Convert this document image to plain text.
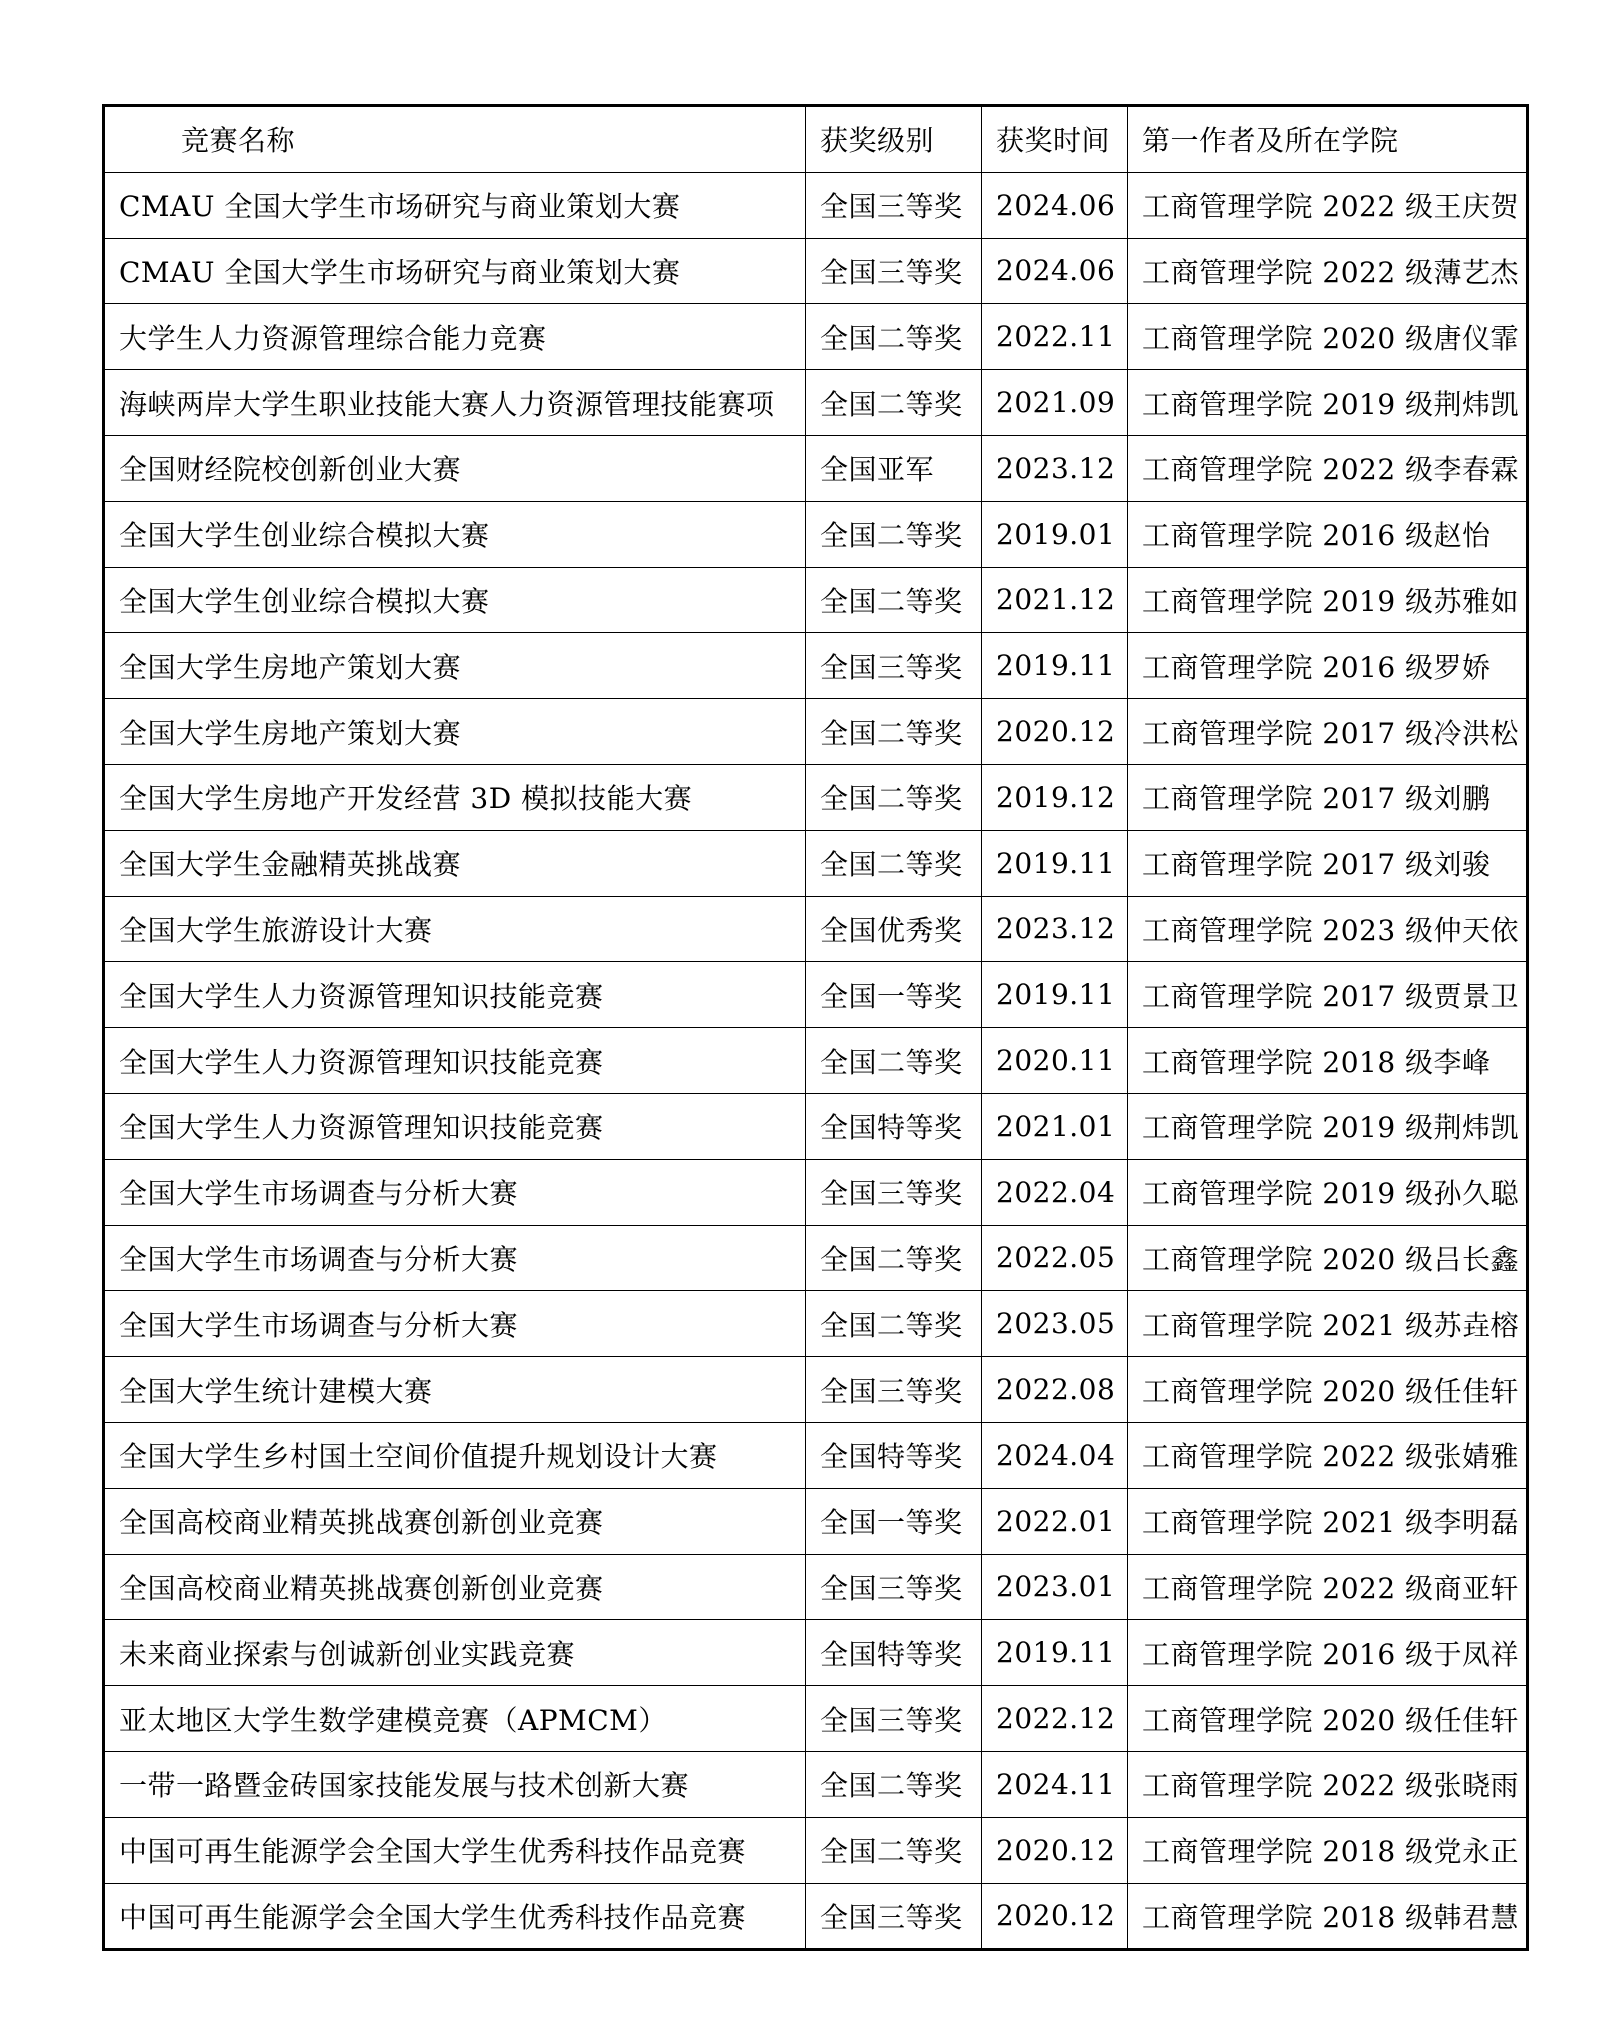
竞赛名称	获奖级别	获奖时间	第一作者及所在学院
CMAU 全国大学生市场研究与商业策划大赛	全国三等奖	2024.06	工商管理学院 2022 级王庆贺
CMAU 全国大学生市场研究与商业策划大赛	全国三等奖	2024.06	工商管理学院 2022 级薄艺杰
大学生人力资源管理综合能力竞赛	全国二等奖	2022.11	工商管理学院 2020 级唐仪霏
海峡两岸大学生职业技能大赛人力资源管理技能赛项	全国二等奖	2021.09	工商管理学院 2019 级荆炜凯
全国财经院校创新创业大赛	全国亚军	2023.12	工商管理学院 2022 级李春霖
全国大学生创业综合模拟大赛	全国二等奖	2019.01	工商管理学院 2016 级赵怡
全国大学生创业综合模拟大赛	全国二等奖	2021.12	工商管理学院 2019 级苏雅如
全国大学生房地产策划大赛	全国三等奖	2019.11	工商管理学院 2016 级罗娇
全国大学生房地产策划大赛	全国二等奖	2020.12	工商管理学院 2017 级冷洪松
全国大学生房地产开发经营 3D 模拟技能大赛	全国二等奖	2019.12	工商管理学院 2017 级刘鹏
全国大学生金融精英挑战赛	全国二等奖	2019.11	工商管理学院 2017 级刘骏
全国大学生旅游设计大赛	全国优秀奖	2023.12	工商管理学院 2023 级仲天依
全国大学生人力资源管理知识技能竞赛	全国一等奖	2019.11	工商管理学院 2017 级贾景卫
全国大学生人力资源管理知识技能竞赛	全国二等奖	2020.11	工商管理学院 2018 级李峰
全国大学生人力资源管理知识技能竞赛	全国特等奖	2021.01	工商管理学院 2019 级荆炜凯
全国大学生市场调查与分析大赛	全国三等奖	2022.04	工商管理学院 2019 级孙久聪
全国大学生市场调查与分析大赛	全国二等奖	2022.05	工商管理学院 2020 级吕长鑫
全国大学生市场调查与分析大赛	全国二等奖	2023.05	工商管理学院 2021 级苏垚榕
全国大学生统计建模大赛	全国三等奖	2022.08	工商管理学院 2020 级任佳轩
全国大学生乡村国土空间价值提升规划设计大赛	全国特等奖	2024.04	工商管理学院 2022 级张婧雅
全国高校商业精英挑战赛创新创业竞赛	全国一等奖	2022.01	工商管理学院 2021 级李明磊
全国高校商业精英挑战赛创新创业竞赛	全国三等奖	2023.01	工商管理学院 2022 级商亚轩
未来商业探索与创诚新创业实践竞赛	全国特等奖	2019.11	工商管理学院 2016 级于凤祥
亚太地区大学生数学建模竞赛（APMCM）	全国三等奖	2022.12	工商管理学院 2020 级任佳轩
一带一路暨金砖国家技能发展与技术创新大赛	全国二等奖	2024.11	工商管理学院 2022 级张晓雨
中国可再生能源学会全国大学生优秀科技作品竞赛	全国二等奖	2020.12	工商管理学院 2018 级党永正
中国可再生能源学会全国大学生优秀科技作品竞赛	全国三等奖	2020.12	工商管理学院 2018 级韩君慧
